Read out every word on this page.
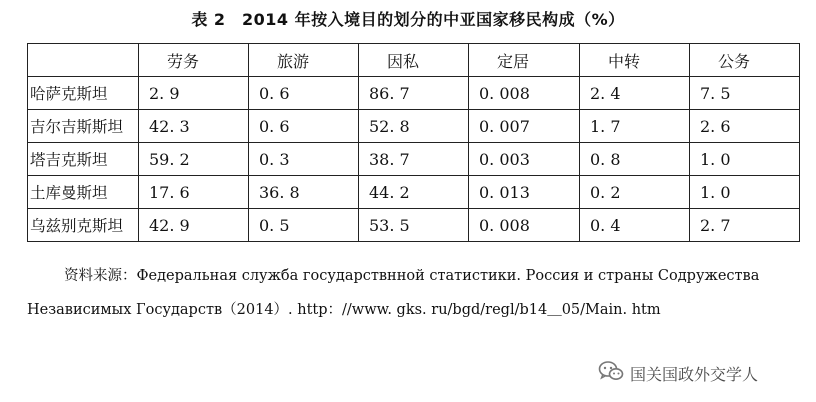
表 2　2014 年按入境目的划分的中亚国家移民构成（%）
	劳务	旅游	因私	定居	中转	公务
哈萨克斯坦	2. 9	0. 6	86. 7	0. 008	2. 4	7. 5
吉尔吉斯斯坦	42. 3	0. 6	52. 8	0. 007	1. 7	2. 6
塔吉克斯坦	59. 2	0. 3	38. 7	0. 003	0. 8	1. 0
土库曼斯坦	17. 6	36. 8	44. 2	0. 013	0. 2	1. 0
乌兹别克斯坦	42. 9	0. 5	53. 5	0. 008	0. 4	2. 7
资料来源：Федеральная служба государствнной статистики. Россия и страны Содружества
Независимых Государств（2014）. http：//www. gks. ru/bgd/regl/b14＿05/Main. htm
国关国政外交学人
